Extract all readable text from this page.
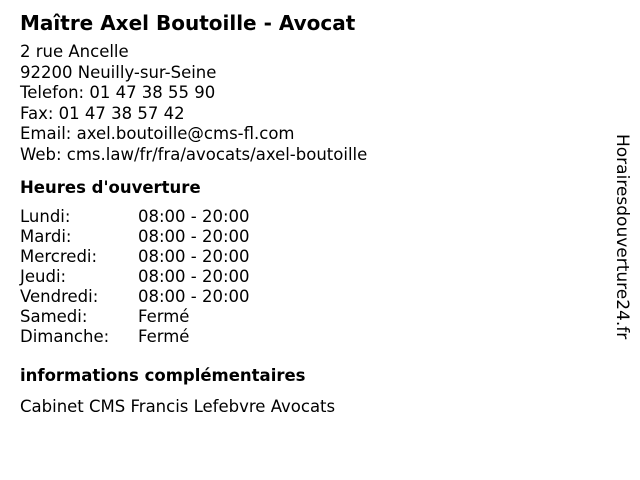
Maître Axel Boutoille - Avocat
2 rue Ancelle
92200 Neuilly-sur-Seine
Telefon: 01 47 38 55 90
Fax: 01 47 38 57 42
Email: axel.boutoille@cms-fl.com
Web: cms.law/fr/fra/avocats/axel-boutoille
Heures d'ouverture
Lundi:	08:00 - 20:00
Mardi:	08:00 - 20:00
Mercredi:	08:00 - 20:00
Jeudi:	08:00 - 20:00
Vendredi:	08:00 - 20:00
Samedi:	Fermé
Dimanche:	Fermé
informations complémentaires
Cabinet CMS Francis Lefebvre Avocats
Horairesdouverture24.fr
